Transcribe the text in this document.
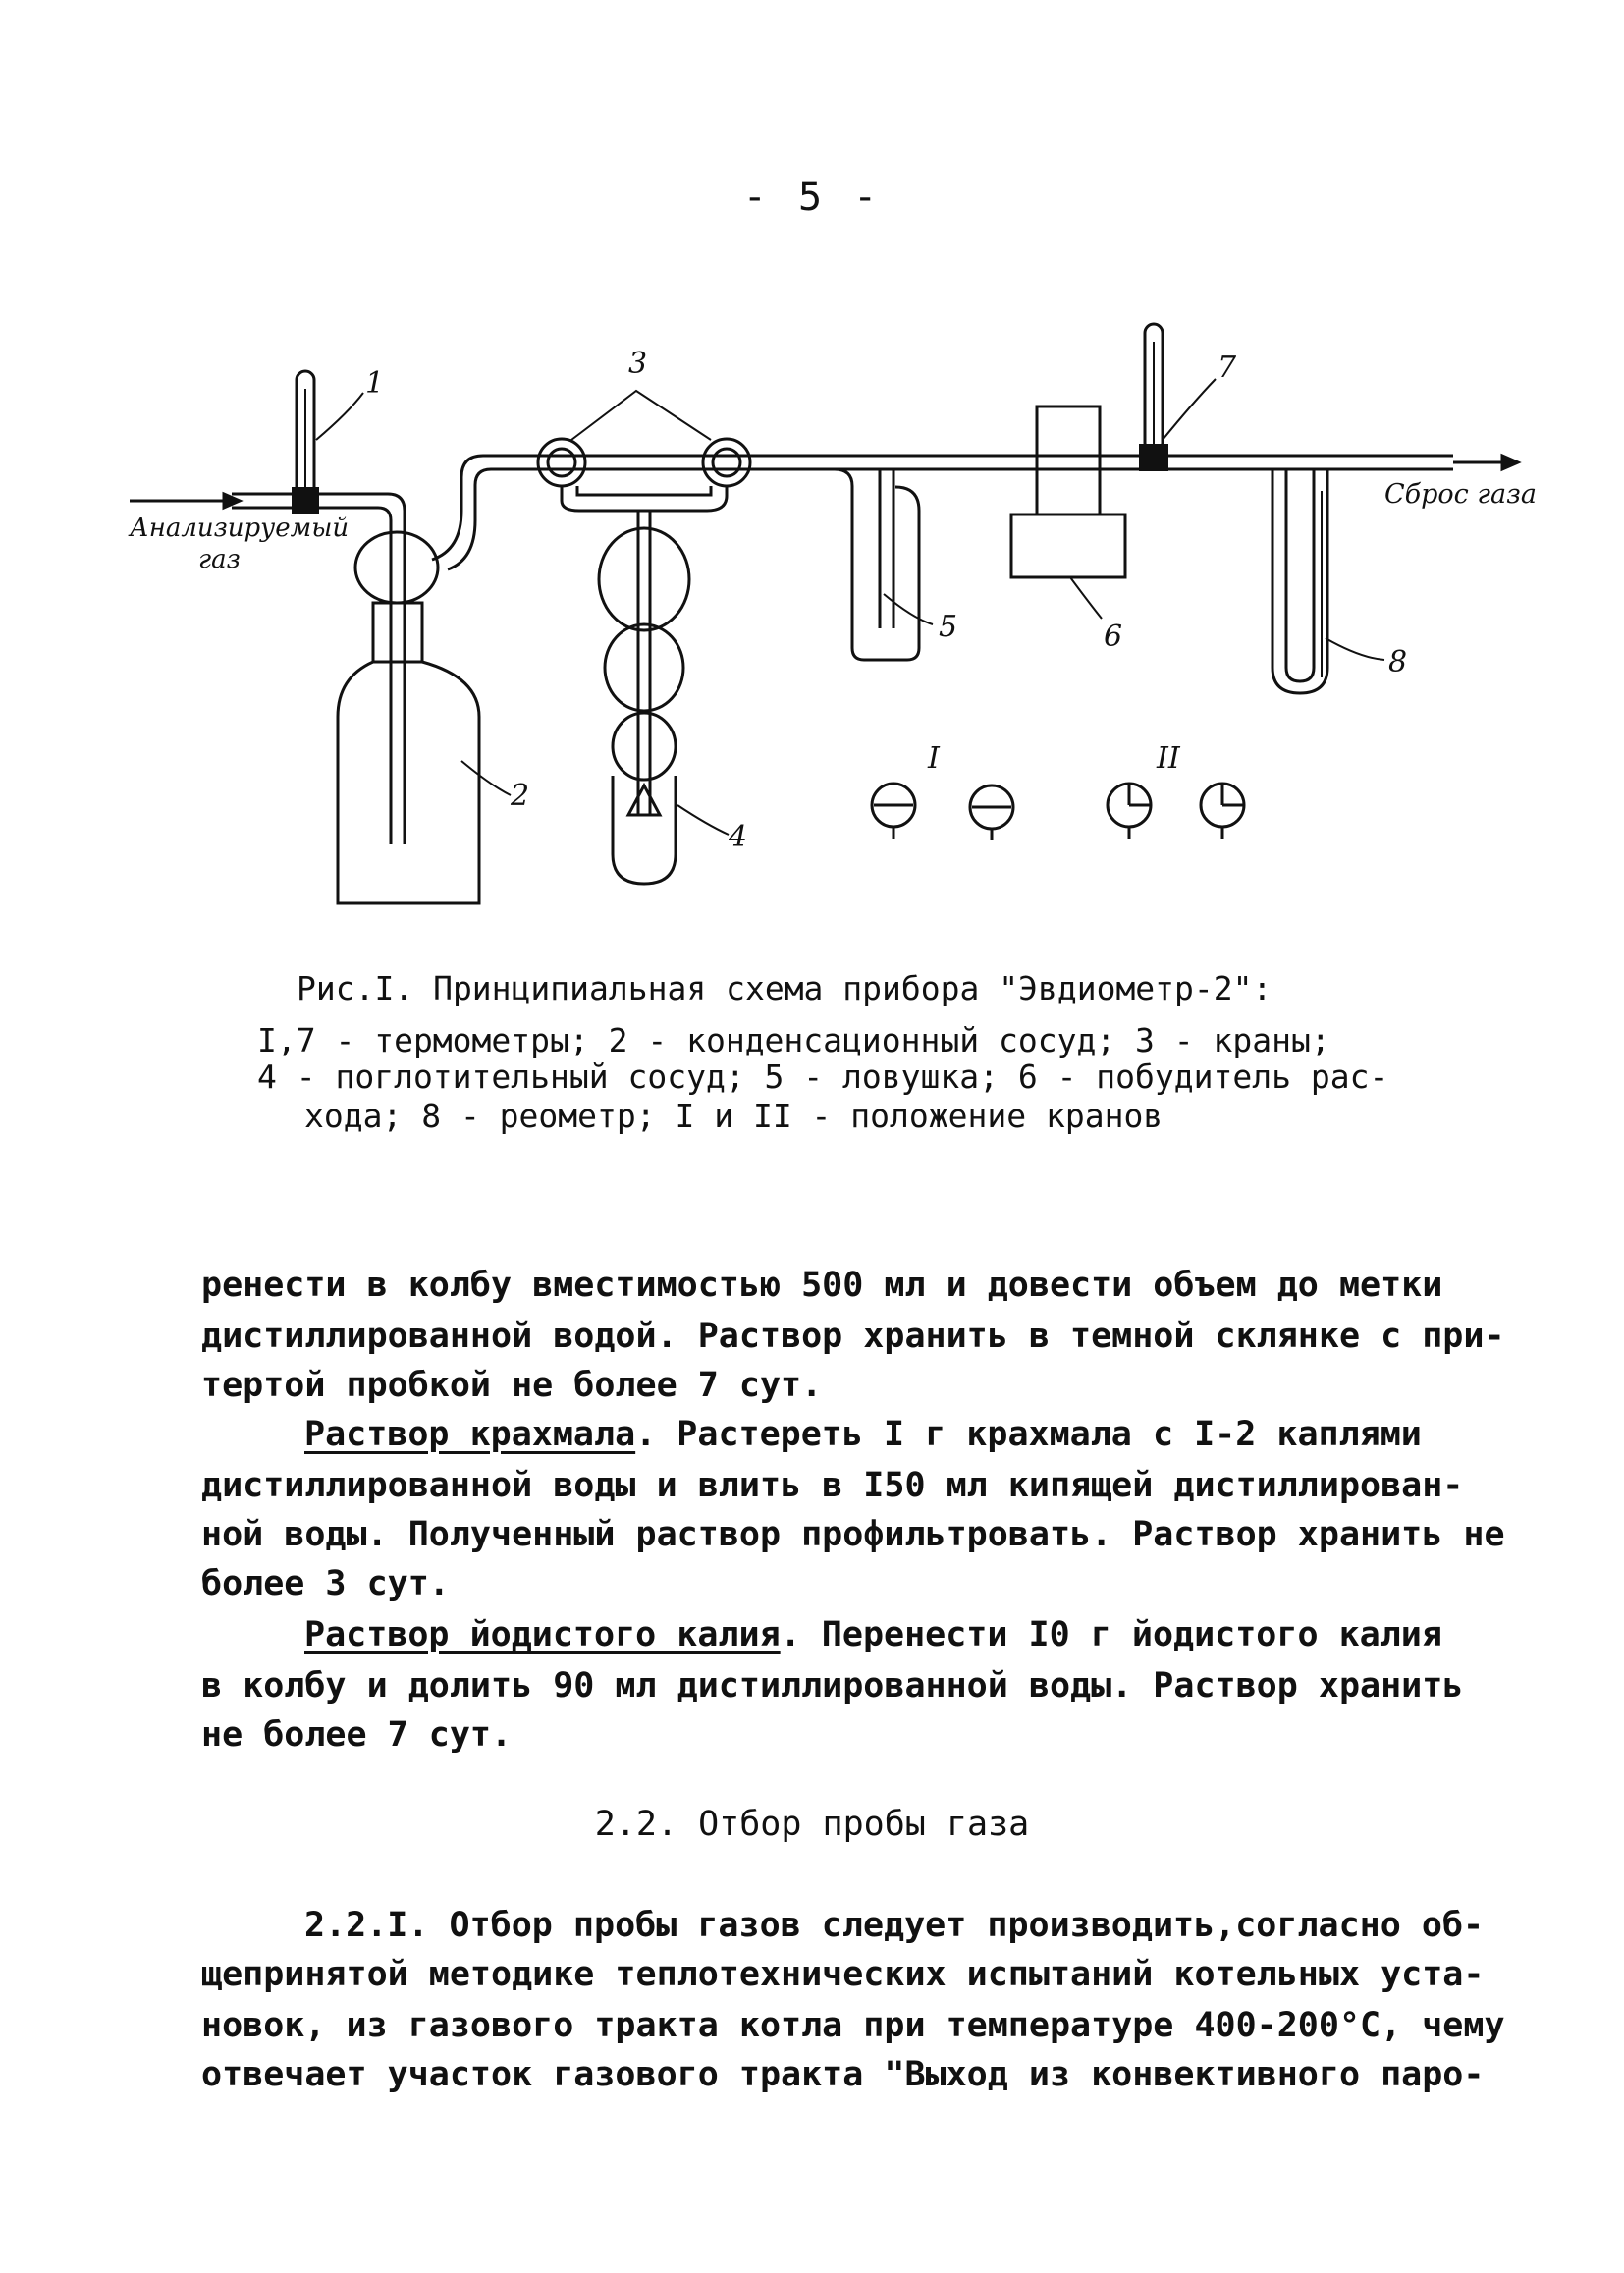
- 5 -
1
2
3
4
5	6
7
8
I	II
Анализируемый
газ
Сброс газа
Рис.I. Принципиальная схема прибора "Эвдиометр-2":
I,7 - термометры; 2 - конденсационный сосуд; 3 - краны;
4 - поглотительный сосуд; 5 - ловушка; 6 - побудитель рас-
хода; 8 - реометр; I и II - положение кранов
ренести в колбу вместимостью 500 мл и довести объем до метки
дистиллированной водой. Раствор хранить в темной склянке с при-
тертой пробкой не более 7 сут.
Раствор крахмала. Растереть I г крахмала с I-2 каплями
дистиллированной воды и влить в I50 мл кипящей дистиллирован-
ной воды. Полученный раствор профильтровать. Раствор хранить не
более 3 сут.
Раствор йодистого калия. Перенести I0 г йодистого калия
в колбу и долить 90 мл дистиллированной воды. Раствор хранить
не более 7 сут.
2.2. Отбор пробы газа
2.2.I. Отбор пробы газов следует производить,согласно об-
щепринятой методике теплотехнических испытаний котельных уста-
новок, из газового тракта котла при температуре 400-200°C, чему
отвечает участок газового тракта "Выход из конвективного паро-
